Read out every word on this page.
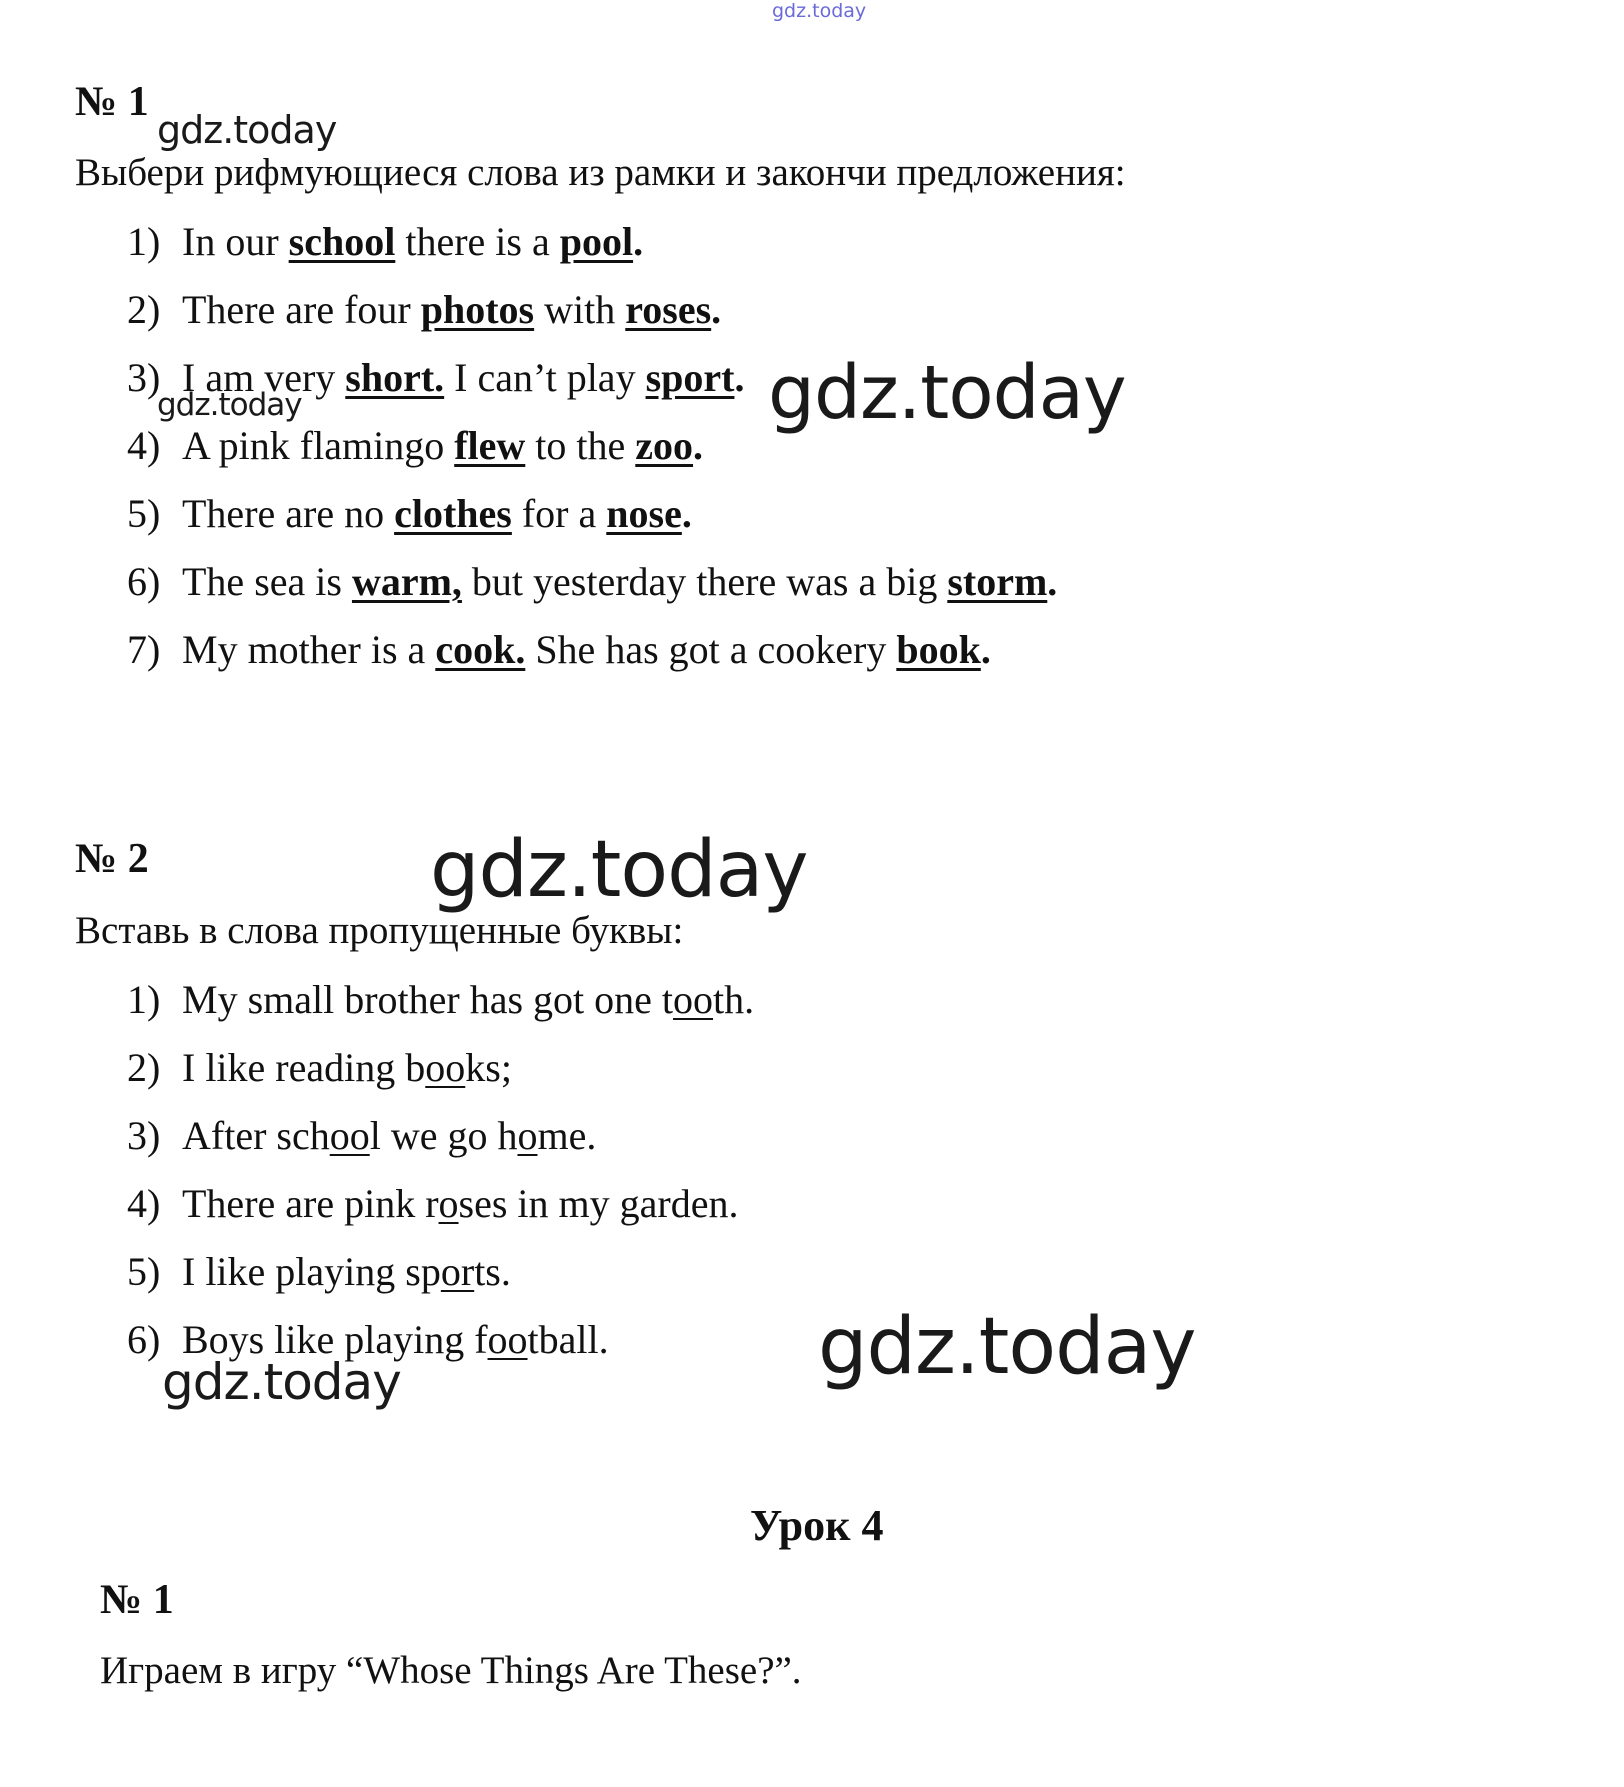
gdz.today
gdz.today
gdz.today	gdz.today
gdz.today
gdz.today
gdz.today
№ 1
Выбери рифмующиеся слова из рамки и закончи предложения:
1) In our school there is a pool.
2) There are four photos with roses.
3) I am very short. I can’t play sport.
4) A pink flamingo flew to the zoo.
5) There are no clothes for a nose.
6) The sea is warm, but yesterday there was a big storm.
7) My mother is a cook. She has got a cookery book.
№ 2
Вставь в слова пропущенные буквы:
1) My small brother has got one tooth.
2) I like reading books;
3) After school we go home.
4) There are pink roses in my garden.
5) I like playing sports.
6) Boys like playing football.
Урок 4
№ 1
Играем в игру “Whose Things Are These?”.
